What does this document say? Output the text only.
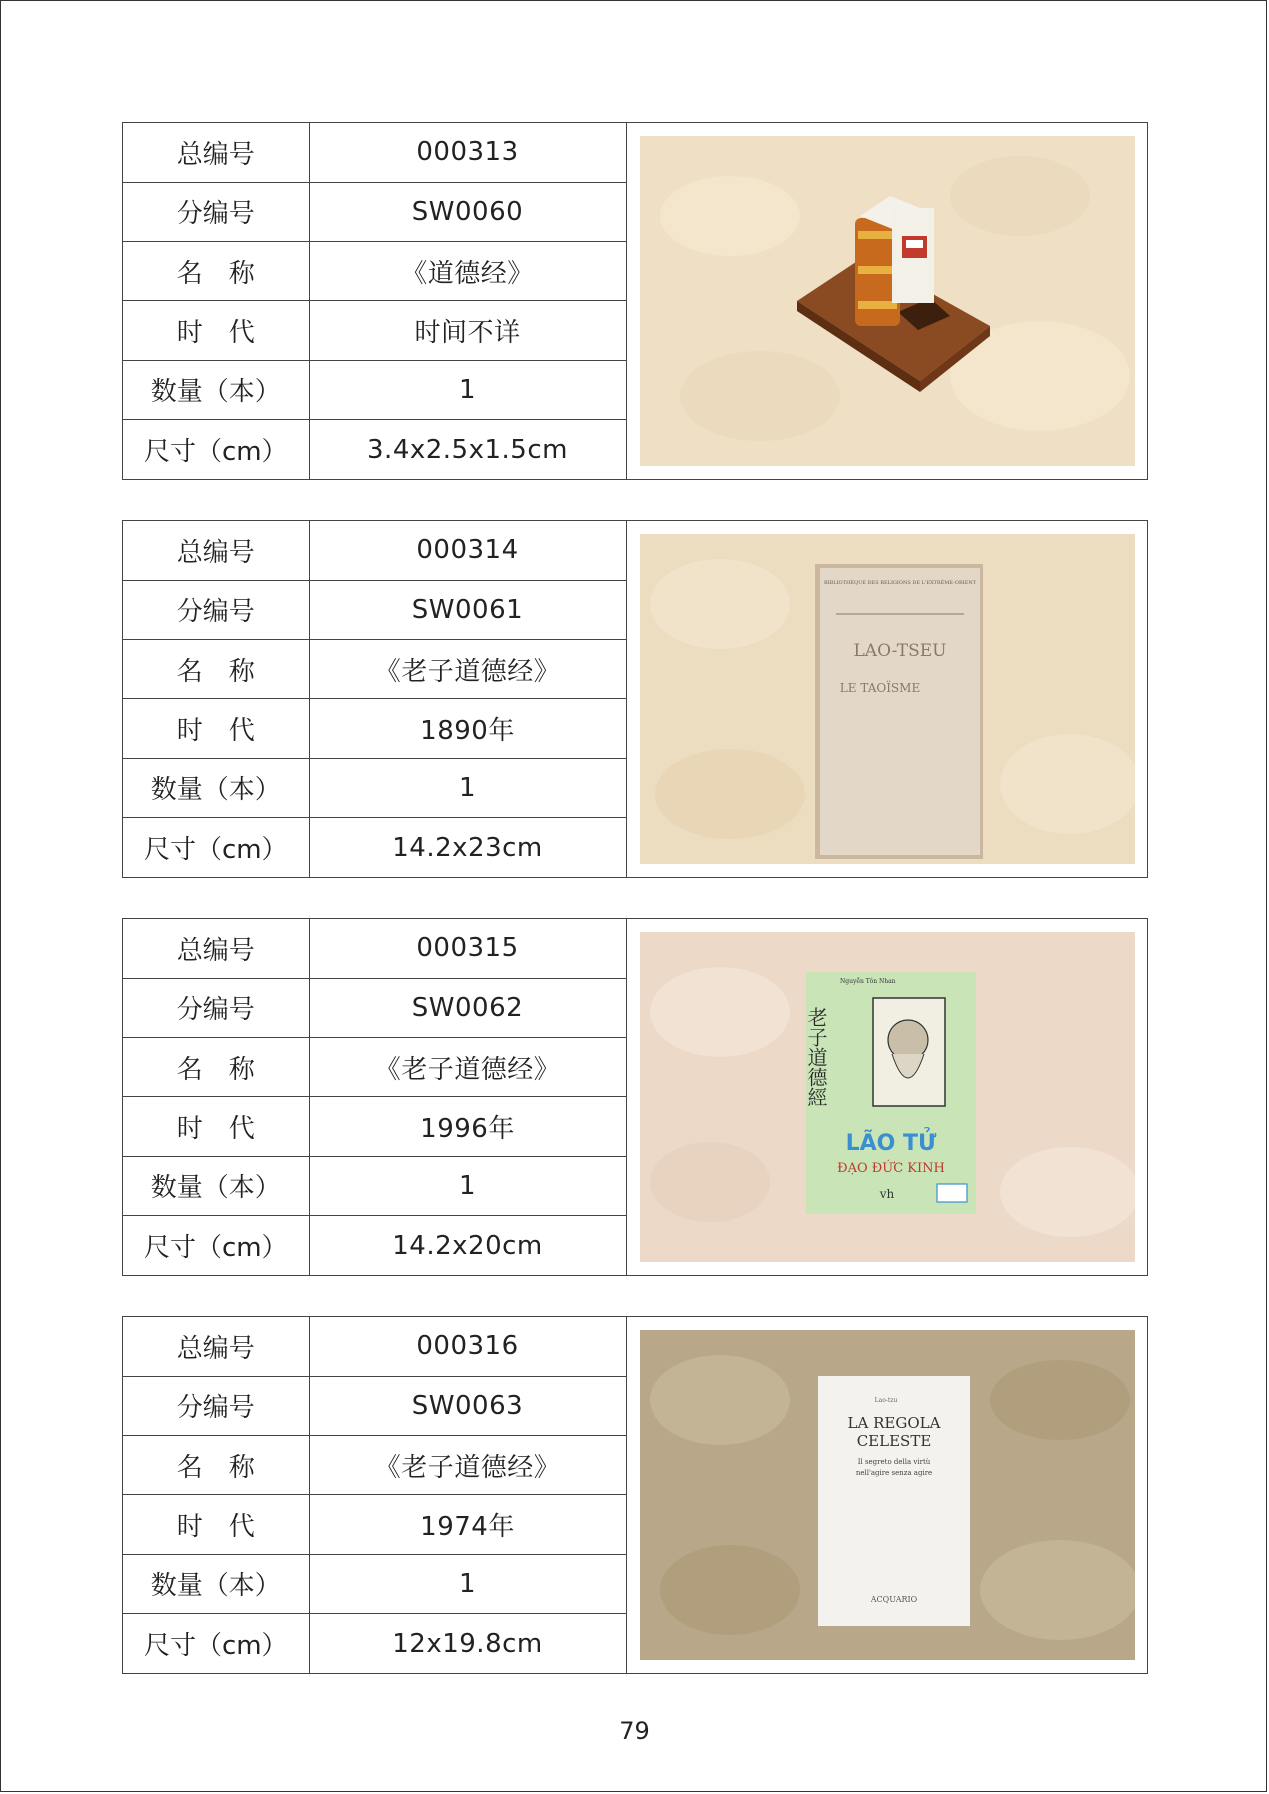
总编号	000313
分编号	SW0060
名　称	《道德经》
时　代	时间不详
数量（本）	1
尺寸（cm）	3.4x2.5x1.5cm
总编号	000314
分编号	SW0061
名　称	《老子道德经》
时　代	1890年
数量（本）	1
尺寸（cm）	14.2x23cm
BIBLIOTHÈQUE DES RELIGIONS DE L'EXTRÊME-ORIENT
LAO-TSEU
LE TAOÏSME
总编号	000315
分编号	SW0062
名　称	《老子道德经》
时　代	1996年
数量（本）	1
尺寸（cm）	14.2x20cm
Nguyễn Tôn Nhan
老子道德經
LÃO TỬ
ĐẠO ĐỨC KINH
vh
总编号	000316
分编号	SW0063
名　称	《老子道德经》
时　代	1974年
数量（本）	1
尺寸（cm）	12x19.8cm
Lao-tzu
LA REGOLA
CELESTE
Il segreto della virtù
nell'agire senza agire
ACQUARIO
79
